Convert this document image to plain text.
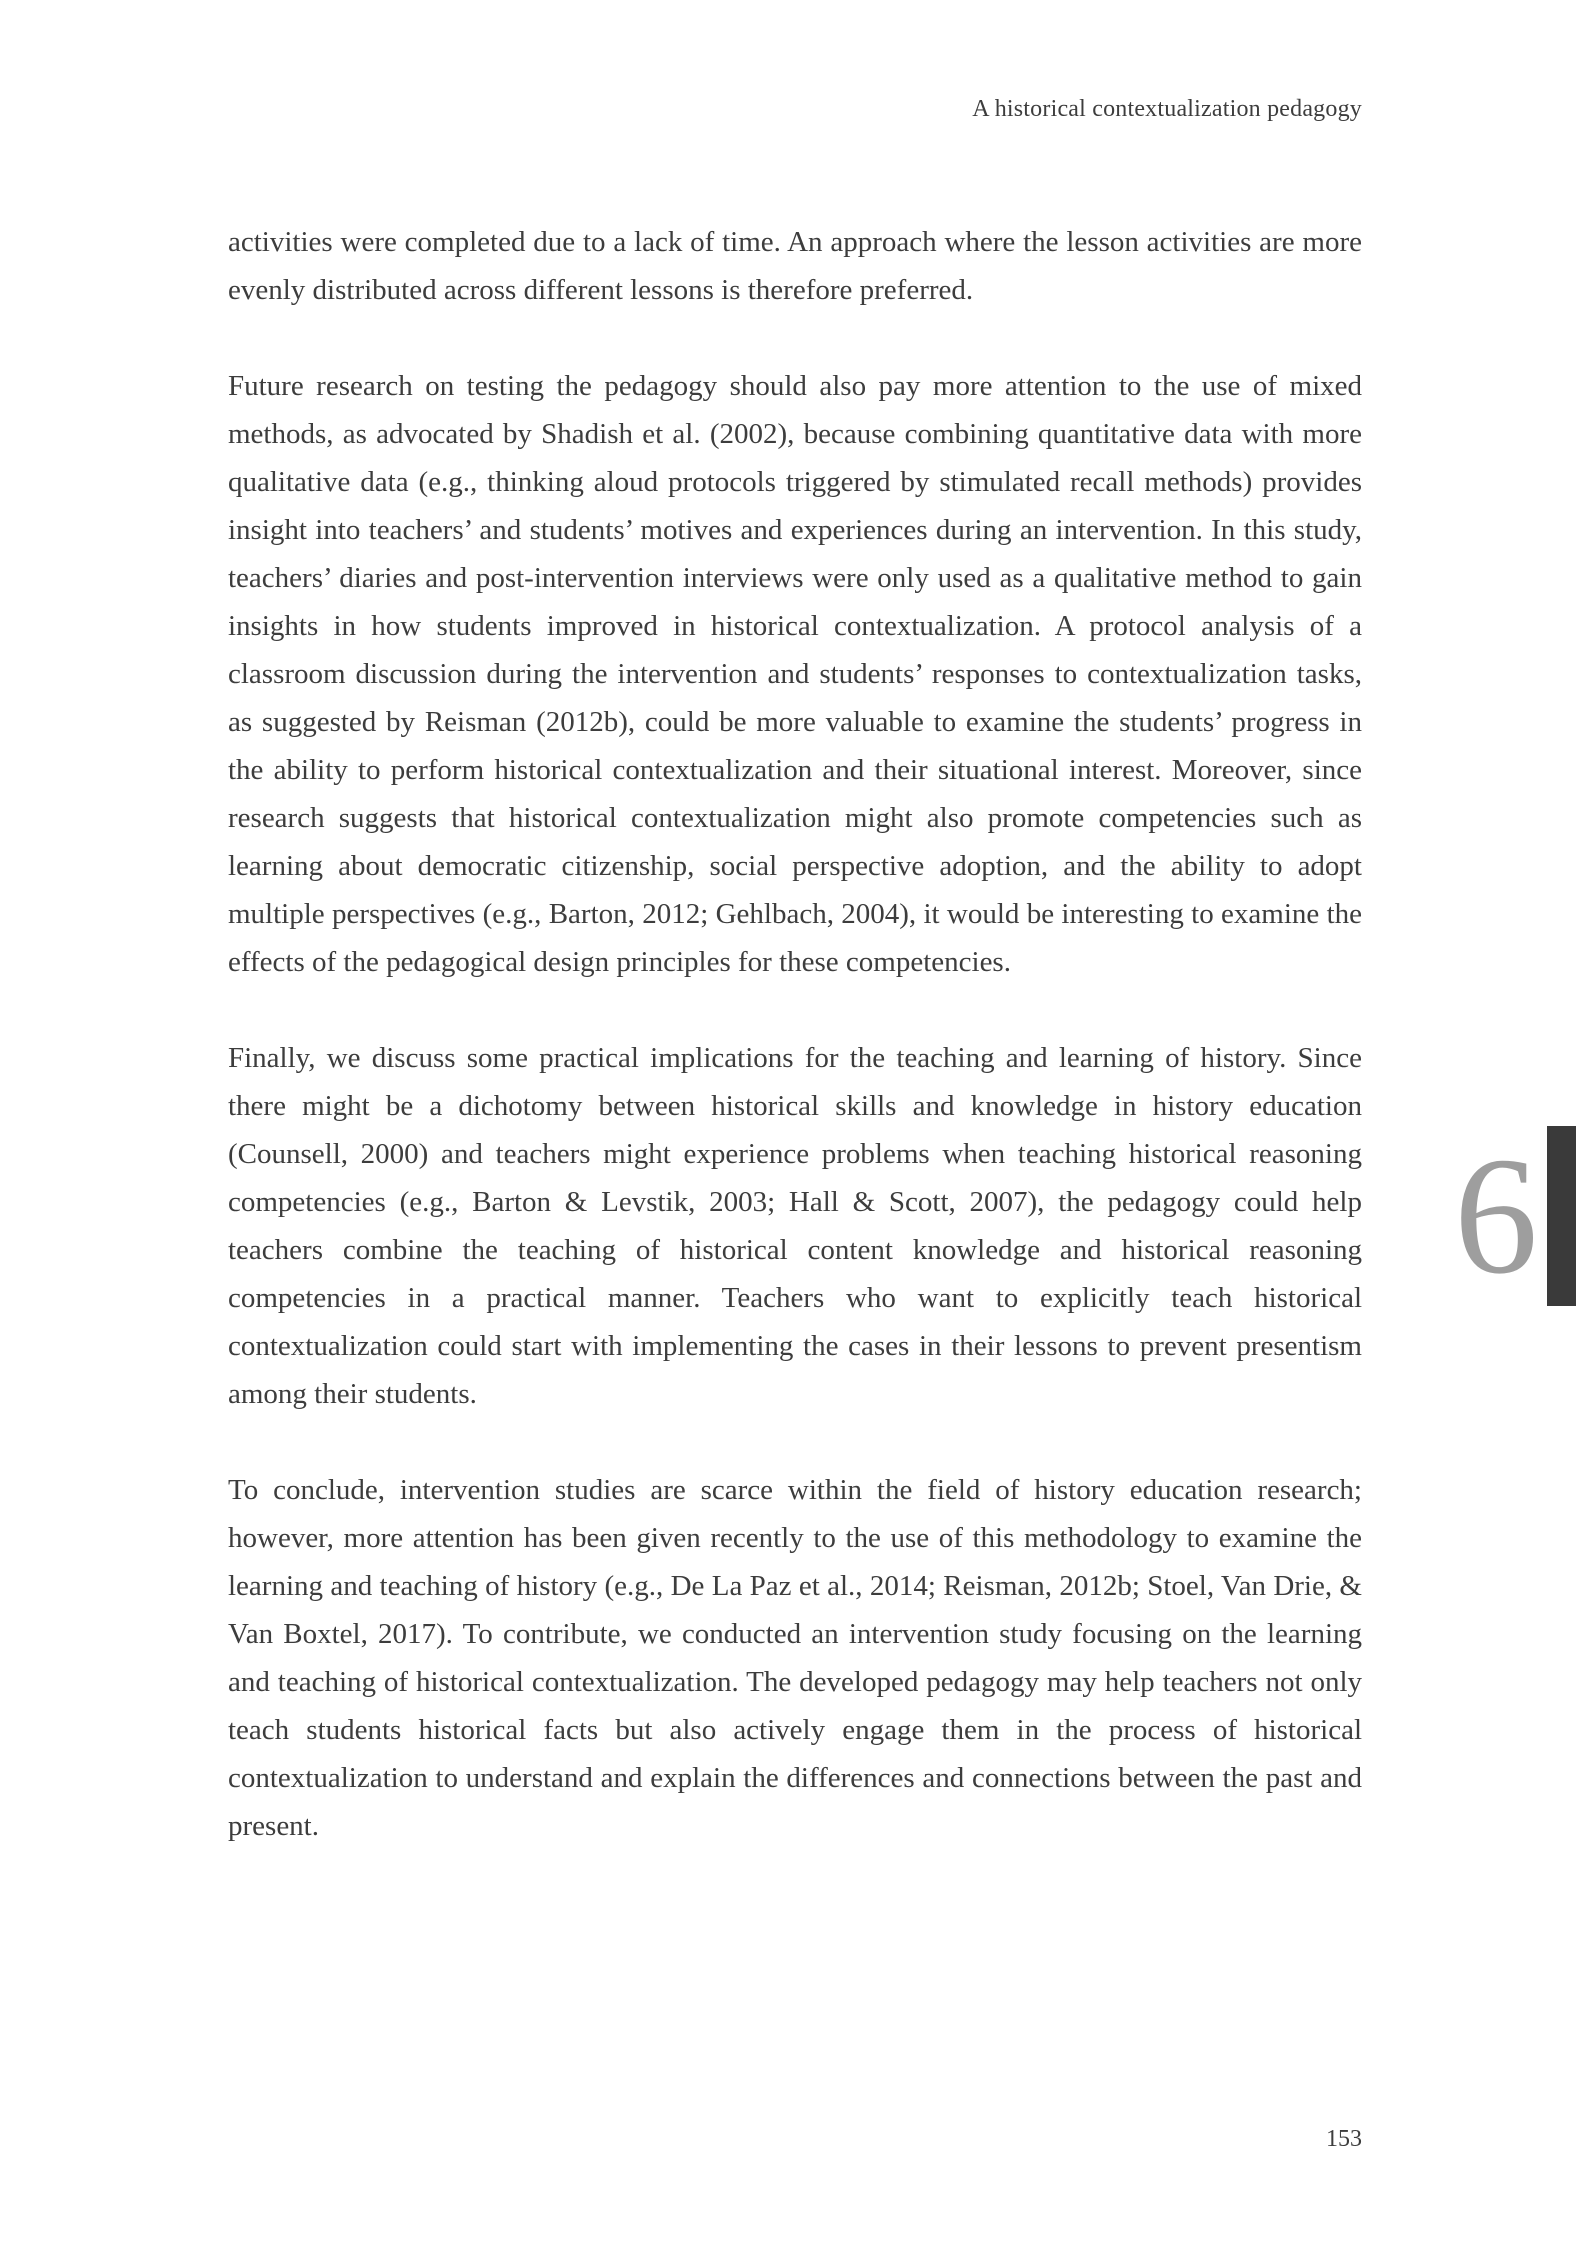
A historical contextualization pedagogy

activities were completed due to a lack of time. An approach where the lesson activities are more evenly distributed across different lessons is therefore preferred.

Future research on testing the pedagogy should also pay more attention to the use of mixed methods, as advocated by Shadish et al. (2002), because combining quantitative data with more qualitative data (e.g., thinking aloud protocols triggered by stimulated recall methods) provides insight into teachers’ and students’ motives and experiences during an intervention. In this study, teachers’ diaries and post-intervention interviews were only used as a qualitative method to gain insights in how students improved in historical contextualization. A protocol analysis of a classroom discussion during the intervention and students’ responses to contextualization tasks, as suggested by Reisman (2012b), could be more valuable to examine the students’ progress in the ability to perform historical contextualization and their situational interest. Moreover, since research suggests that historical contextualization might also promote competencies such as learning about democratic citizenship, social perspective adoption, and the ability to adopt multiple perspectives (e.g., Barton, 2012; Gehlbach, 2004), it would be interesting to examine the effects of the pedagogical design principles for these competencies.

Finally, we discuss some practical implications for the teaching and learning of history. Since there might be a dichotomy between historical skills and knowledge in history education (Counsell, 2000) and teachers might experience problems when teaching historical reasoning competencies (e.g., Barton & Levstik, 2003; Hall & Scott, 2007), the pedagogy could help teachers combine the teaching of historical content knowledge and historical reasoning competencies in a practical manner. Teachers who want to explicitly teach historical contextualization could start with implementing the cases in their lessons to prevent presentism among their students.

To conclude, intervention studies are scarce within the field of history education research; however, more attention has been given recently to the use of this methodology to examine the learning and teaching of history (e.g., De La Paz et al., 2014; Reisman, 2012b; Stoel, Van Drie, & Van Boxtel, 2017). To contribute, we conducted an intervention study focusing on the learning and teaching of historical contextualization. The developed pedagogy may help teachers not only teach students historical facts but also actively engage them in the process of historical contextualization to understand and explain the differences and connections between the past and present.

6
153
